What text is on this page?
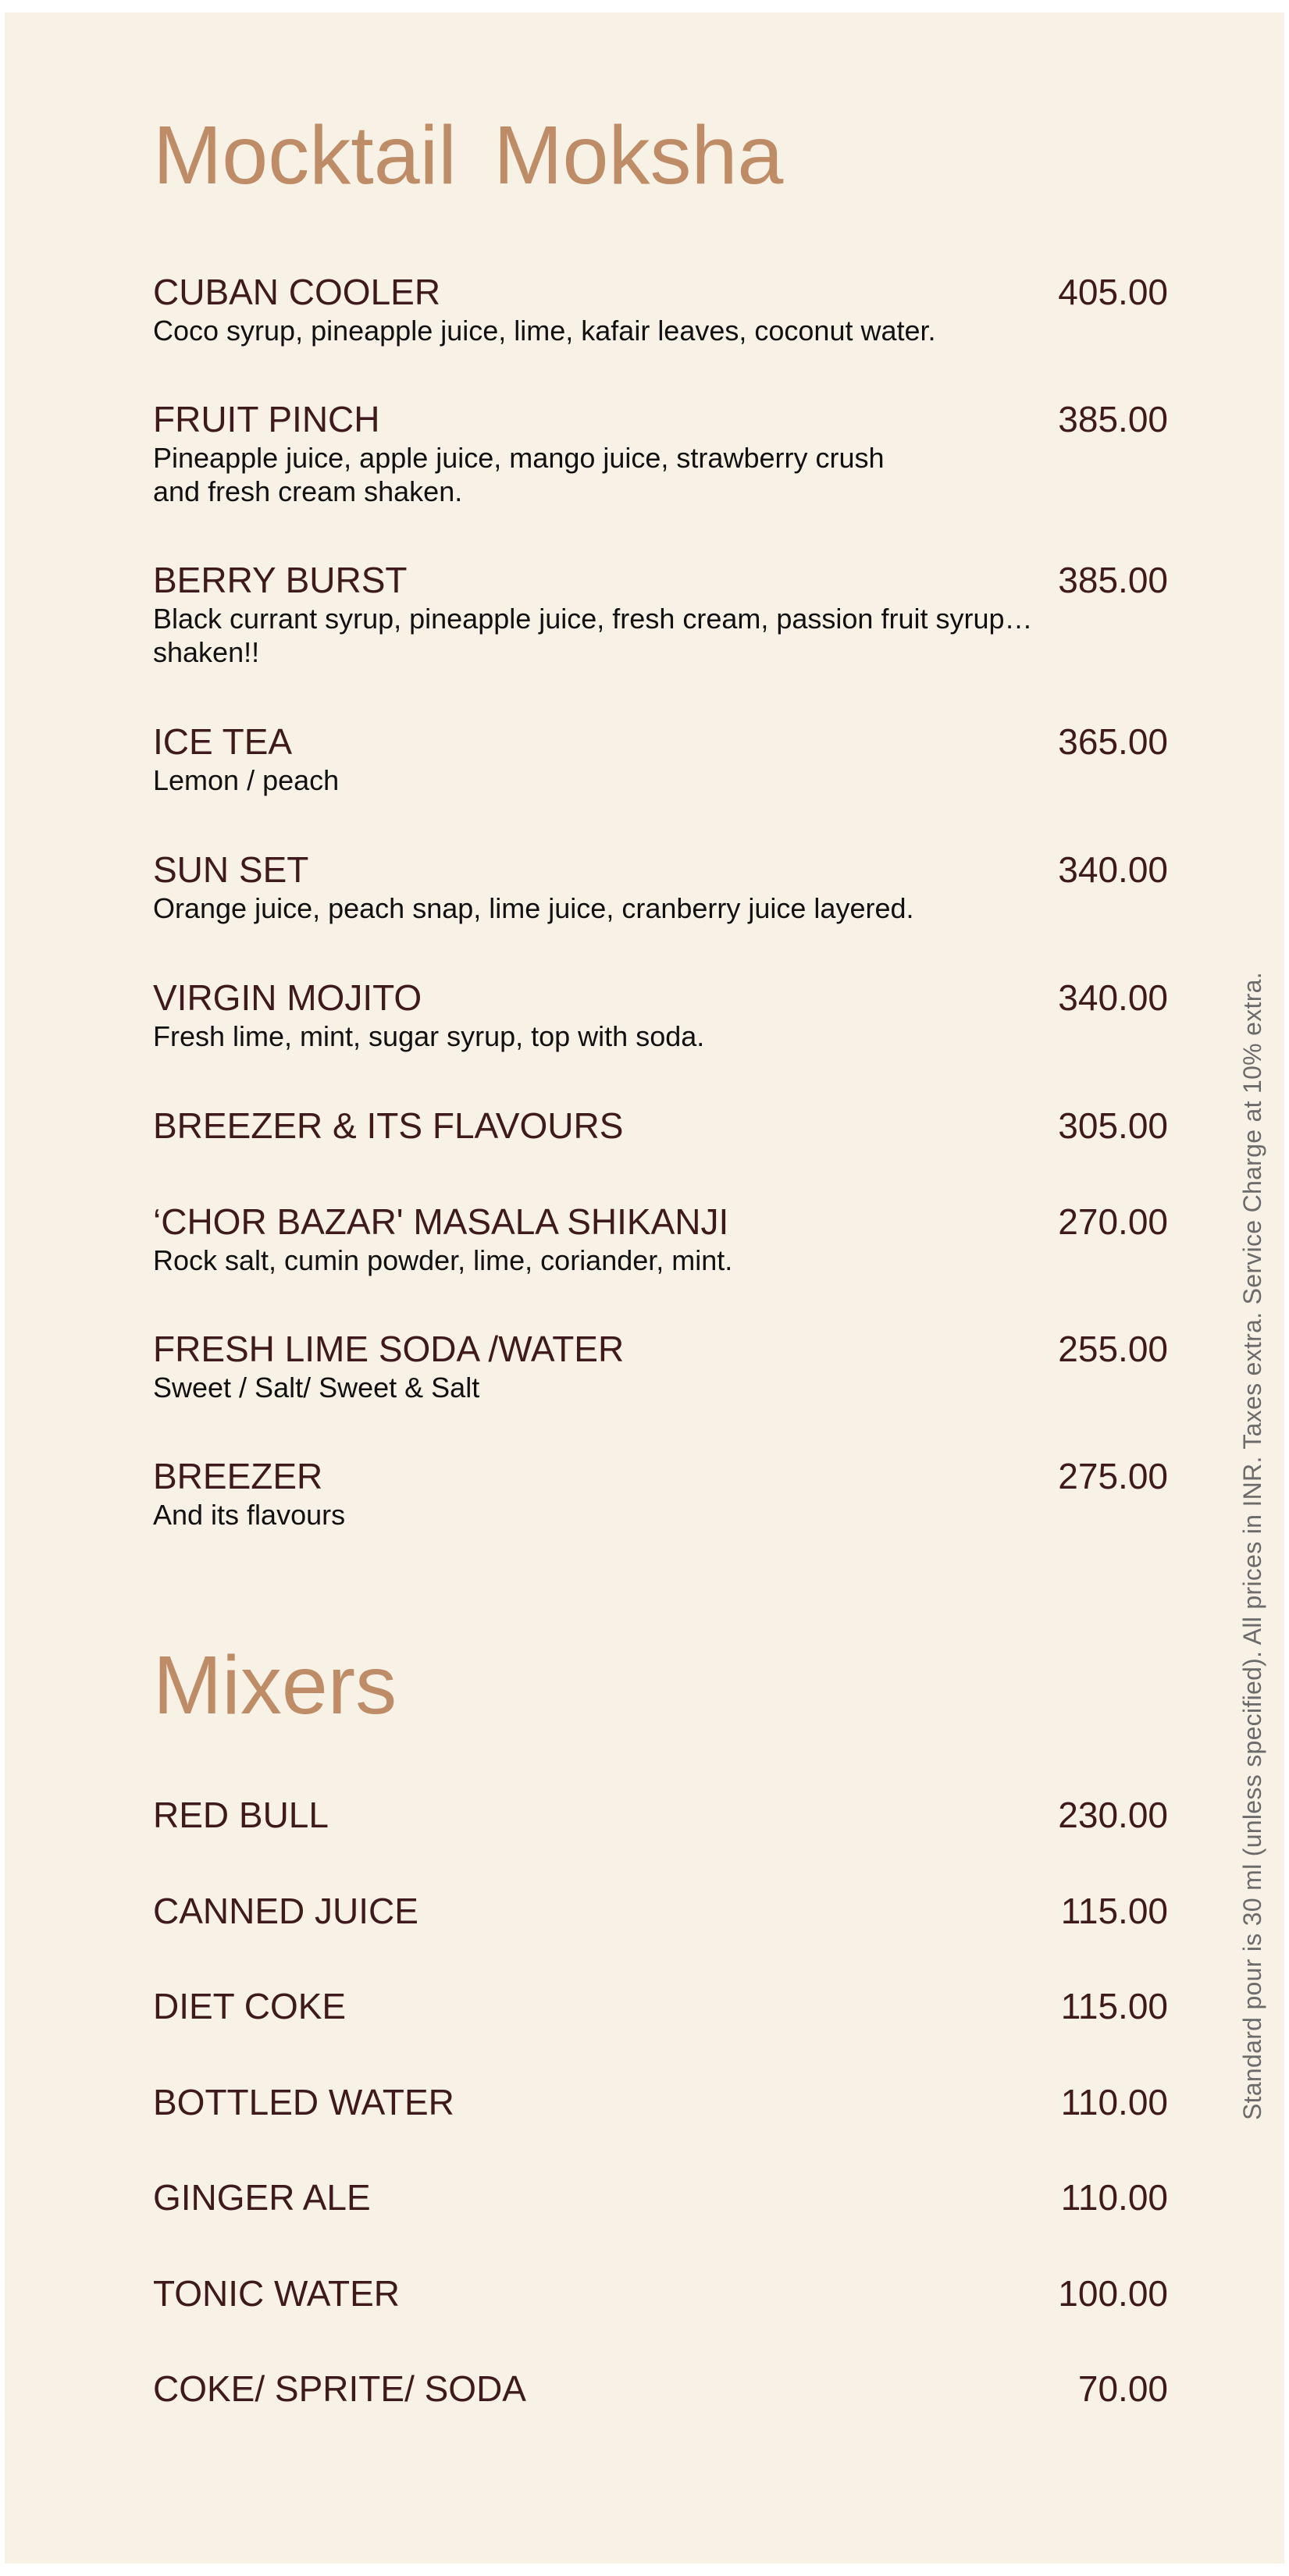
Mocktail Moksha
CUBAN COOLER	405.00
Coco syrup, pineapple juice, lime, kafair leaves, coconut water.
FRUIT PINCH	385.00
Pineapple juice, apple juice, mango juice, strawberry crush
and fresh cream shaken.
BERRY BURST	385.00
Black currant syrup, pineapple juice, fresh cream, passion fruit syrup…
shaken!!
ICE TEA	365.00
Lemon / peach
SUN SET	340.00
Orange juice, peach snap, lime juice, cranberry juice layered.
VIRGIN MOJITO	340.00
Fresh lime, mint, sugar syrup, top with soda.
BREEZER & ITS FLAVOURS	305.00
‘CHOR BAZAR' MASALA SHIKANJI	270.00
Rock salt, cumin powder, lime, coriander, mint.
FRESH LIME SODA /WATER	255.00
Sweet / Salt/ Sweet & Salt
BREEZER	275.00
And its flavours
Mixers
RED BULL	230.00
CANNED JUICE	115.00
DIET COKE	115.00
BOTTLED WATER	110.00
GINGER ALE	110.00
TONIC WATER	100.00
COKE/ SPRITE/ SODA	70.00
Standard pour is 30 ml (unless specified). All prices in INR. Taxes extra. Service Charge at 10% extra.
